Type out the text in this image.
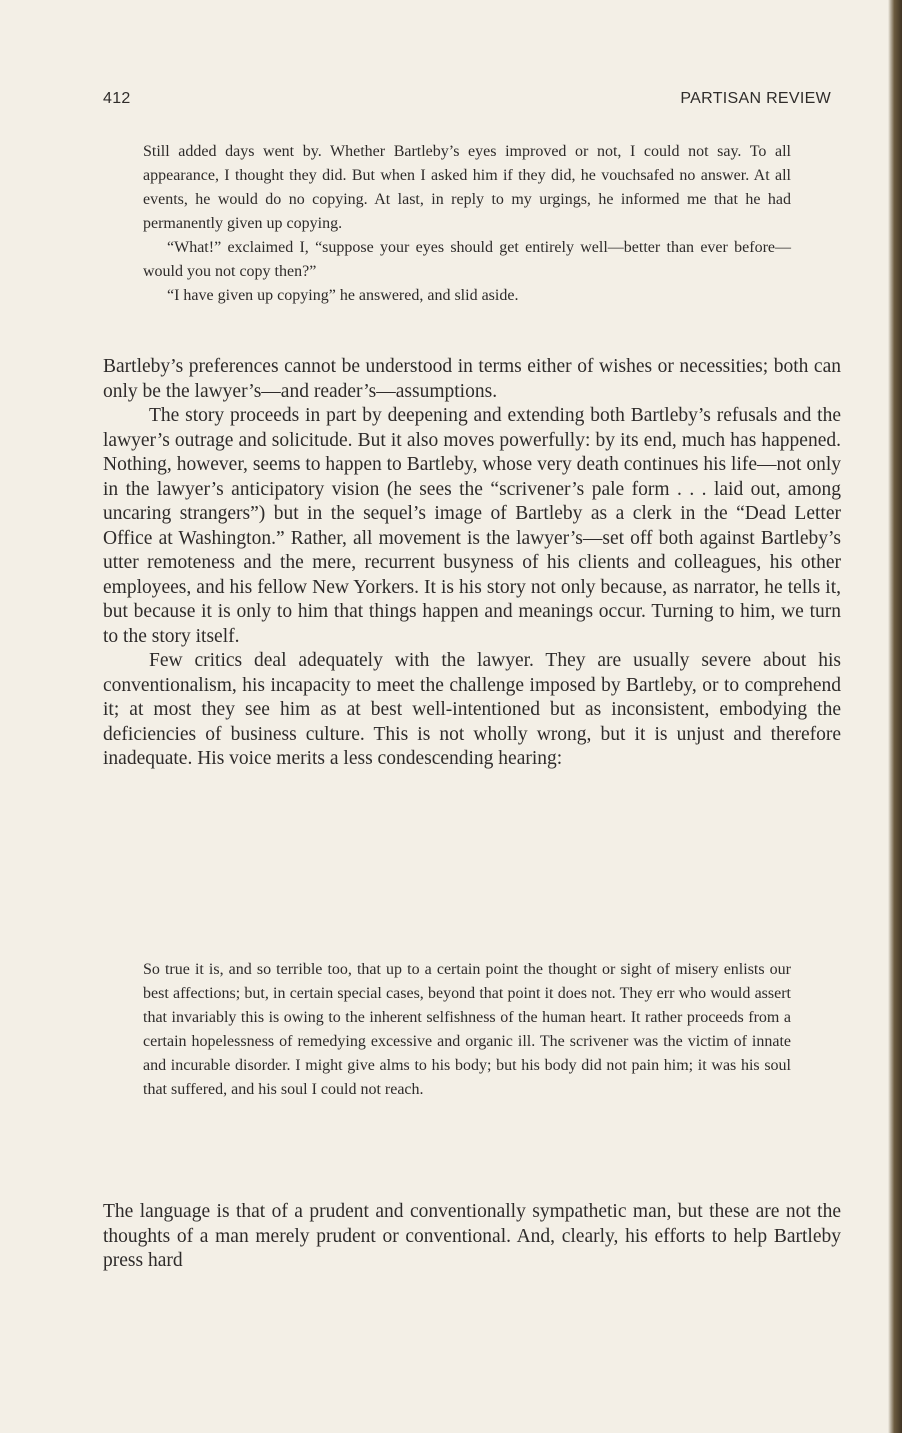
412	PARTISAN REVIEW

Still added days went by. Whether Bartleby’s eyes improved or not, I could not say. To all appearance, I thought they did. But when I asked him if they did, he vouchsafed no answer. At all events, he would do no copying. At last, in reply to my urgings, he informed me that he had permanently given up copying.

“What!” exclaimed I, “suppose your eyes should get entirely well—better than ever before—would you not copy then?”

“I have given up copying” he answered, and slid aside.

Bartleby’s preferences cannot be understood in terms either of wishes or necessities; both can only be the lawyer’s—and reader’s—assumptions.

The story proceeds in part by deepening and extending both Bartleby’s refusals and the lawyer’s outrage and solicitude. But it also moves powerfully: by its end, much has happened. Nothing, however, seems to happen to Bartleby, whose very death continues his life—not only in the lawyer’s anticipatory vision (he sees the “scrivener’s pale form . . . laid out, among uncaring strangers”) but in the sequel’s image of Bartleby as a clerk in the “Dead Letter Office at Washington.” Rather, all movement is the lawyer’s—set off both against Bartleby’s utter remoteness and the mere, recurrent busyness of his clients and colleagues, his other employees, and his fellow New Yorkers. It is his story not only because, as narrator, he tells it, but because it is only to him that things happen and meanings occur. Turning to him, we turn to the story itself.

Few critics deal adequately with the lawyer. They are usually severe about his conventionalism, his incapacity to meet the challenge imposed by Bartleby, or to comprehend it; at most they see him as at best well-intentioned but as inconsistent, embodying the deficiencies of business culture. This is not wholly wrong, but it is unjust and therefore inadequate. His voice merits a less condescending hearing:

So true it is, and so terrible too, that up to a certain point the thought or sight of misery enlists our best affections; but, in certain special cases, beyond that point it does not. They err who would assert that invariably this is owing to the inherent selfishness of the human heart. It rather proceeds from a certain hopelessness of remedying excessive and organic ill. The scrivener was the victim of innate and incurable disorder. I might give alms to his body; but his body did not pain him; it was his soul that suffered, and his soul I could not reach.

The language is that of a prudent and conventionally sympathetic man, but these are not the thoughts of a man merely prudent or conventional. And, clearly, his efforts to help Bartleby press hard
